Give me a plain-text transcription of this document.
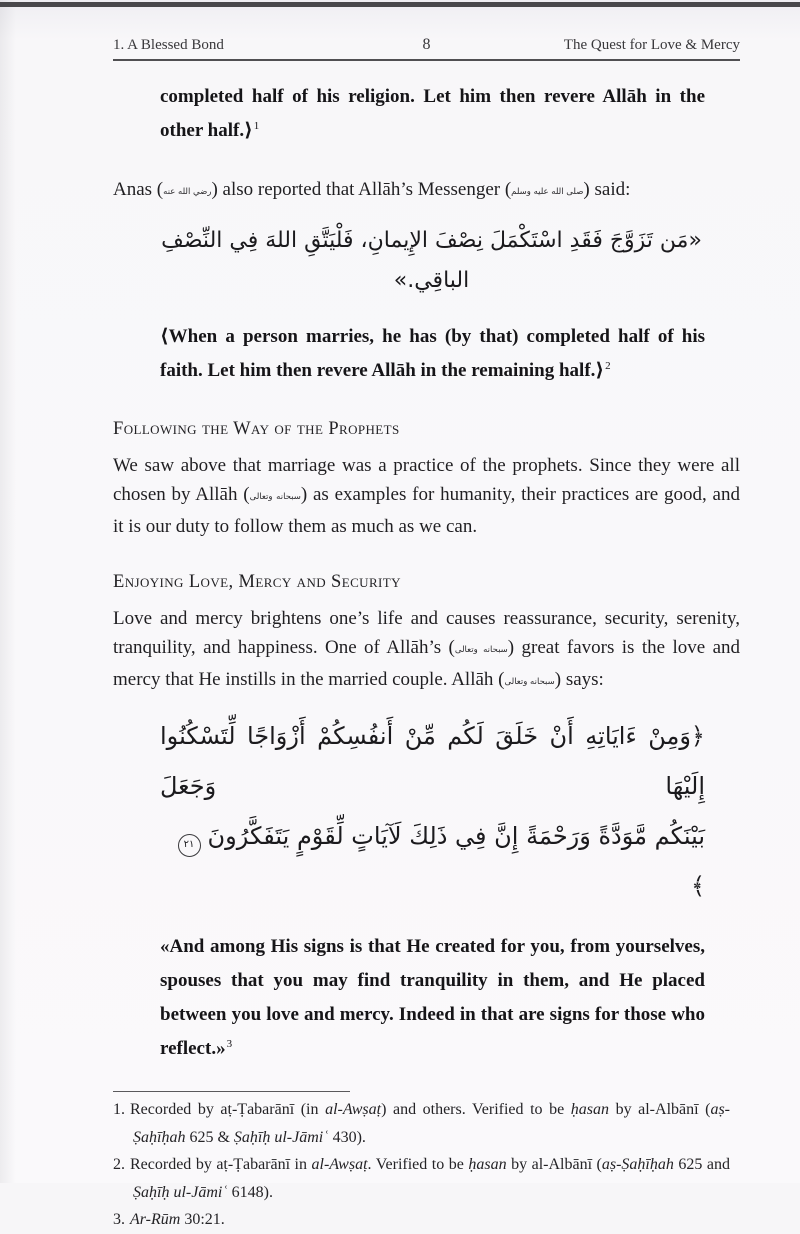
1. A Blessed Bond	8	The Quest for Love & Mercy
completed half of his religion. Let him then revere Allāh in the other half.⟩$^1$

Anas (رضي الله عنه) also reported that Allāh’s Messenger (صلى الله عليه وسلم) said:

«مَن تَزَوَّجَ فَقَدِ اسْتَكْمَلَ نِصْفَ الإِيمانِ، فَلْيَتَّقِ اللهَ فِي النِّصْفِ الباقِي.»
⟨When a person marries, he has (by that) completed half of his faith. Let him then revere Allāh in the remaining half.⟩$^2$
Following the Way of the Prophets

We saw above that marriage was a practice of the prophets. Since they were all chosen by Allāh (سبحانه وتعالى) as examples for humanity, their practices are good, and it is our duty to follow them as much as we can.

Enjoying Love, Mercy and Security

Love and mercy brightens one’s life and causes reassurance, security, serenity, tranquility, and happiness. One of Allāh’s (سبحانه وتعالى) great favors is the love and mercy that He instills in the married couple. Allāh (سبحانه وتعالى) says:

﴿وَمِنْ ءَايَاتِهِ أَنْ خَلَقَ لَكُم مِّنْ أَنفُسِكُمْ أَزْوَاجًا لِّتَسْكُنُوا إِلَيْهَا وَجَعَلَ
بَيْنَكُم مَّوَدَّةً وَرَحْمَةً إِنَّ فِي ذَلِكَ لَآيَاتٍ لِّقَوْمٍ يَتَفَكَّرُونَ٢١﴾
«And among His signs is that He created for you, from yourselves, spouses that you may find tranquility in them, and He placed between you love and mercy. Indeed in that are signs for those who reflect.»$^3$
1. Recorded by aṭ-Ṭabarānī (in al-Awṣaṭ) and others. Verified to be ḥasan by al-Albānī (aṣ-Ṣaḥīḥah 625 & Ṣaḥīḥ ul-Jāmiʿ 430).
2. Recorded by aṭ-Ṭabarānī in al-Awṣaṭ. Verified to be ḥasan by al-Albānī (aṣ-Ṣaḥīḥah 625 and Ṣaḥīḥ ul-Jāmiʿ 6148).
3. Ar-Rūm 30:21.
